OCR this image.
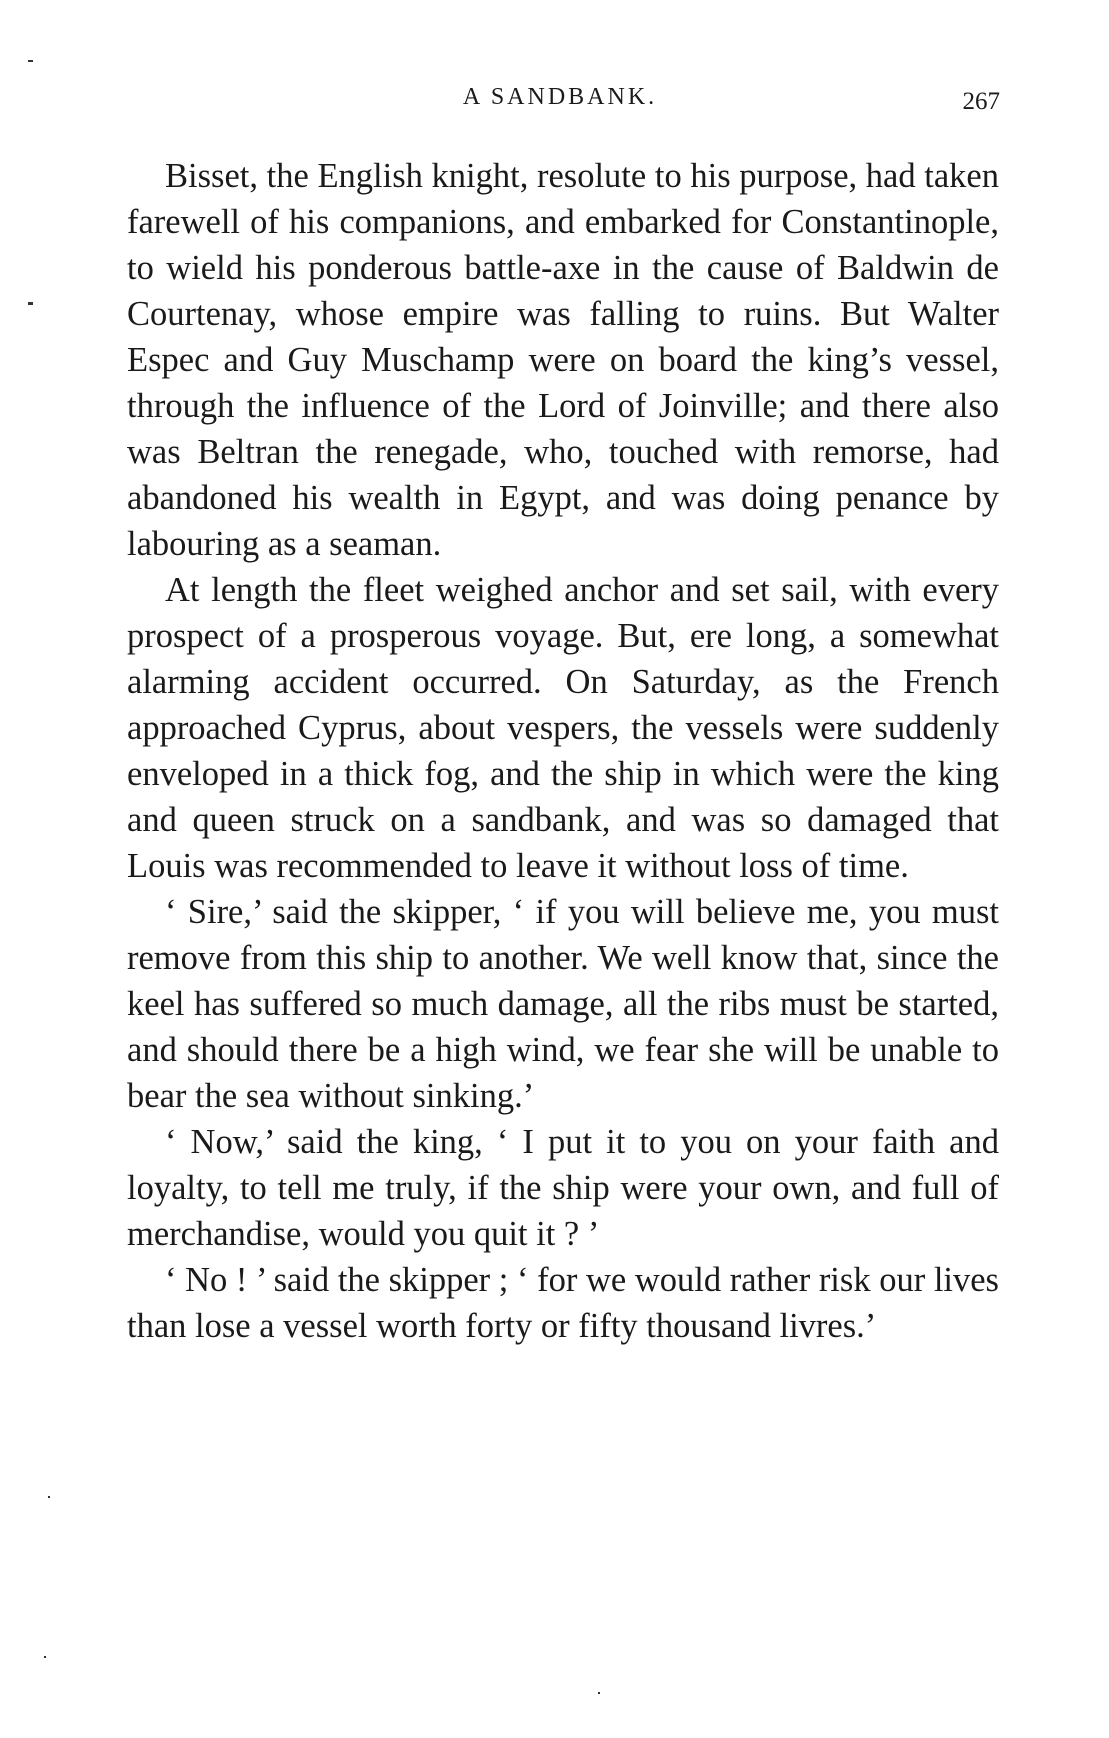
A SANDBANK.	267

Bisset, the English knight, resolute to his purpose, had taken farewell of his companions, and embarked for Constantinople, to wield his ponderous battle-axe in the cause of Baldwin de Courtenay, whose empire was falling to ruins. But Walter Espec and Guy Muschamp were on board the king’s vessel, through the influence of the Lord of Joinville; and there also was Beltran the renegade, who, touched with remorse, had abandoned his wealth in Egypt, and was doing penance by labouring as a seaman.

At length the fleet weighed anchor and set sail, with every prospect of a prosperous voyage. But, ere long, a somewhat alarming accident occurred. On Saturday, as the French approached Cyprus, about vespers, the vessels were suddenly enveloped in a thick fog, and the ship in which were the king and queen struck on a sandbank, and was so damaged that Louis was recommended to leave it without loss of time.

‘ Sire,’ said the skipper, ‘ if you will believe me, you must remove from this ship to another. We well know that, since the keel has suffered so much damage, all the ribs must be started, and should there be a high wind, we fear she will be unable to bear the sea without sinking.’

‘ Now,’ said the king, ‘ I put it to you on your faith and loyalty, to tell me truly, if the ship were your own, and full of merchandise, would you quit it ? ’

‘ No ! ’ said the skipper ; ‘ for we would rather risk our lives than lose a vessel worth forty or fifty thousand livres.’
